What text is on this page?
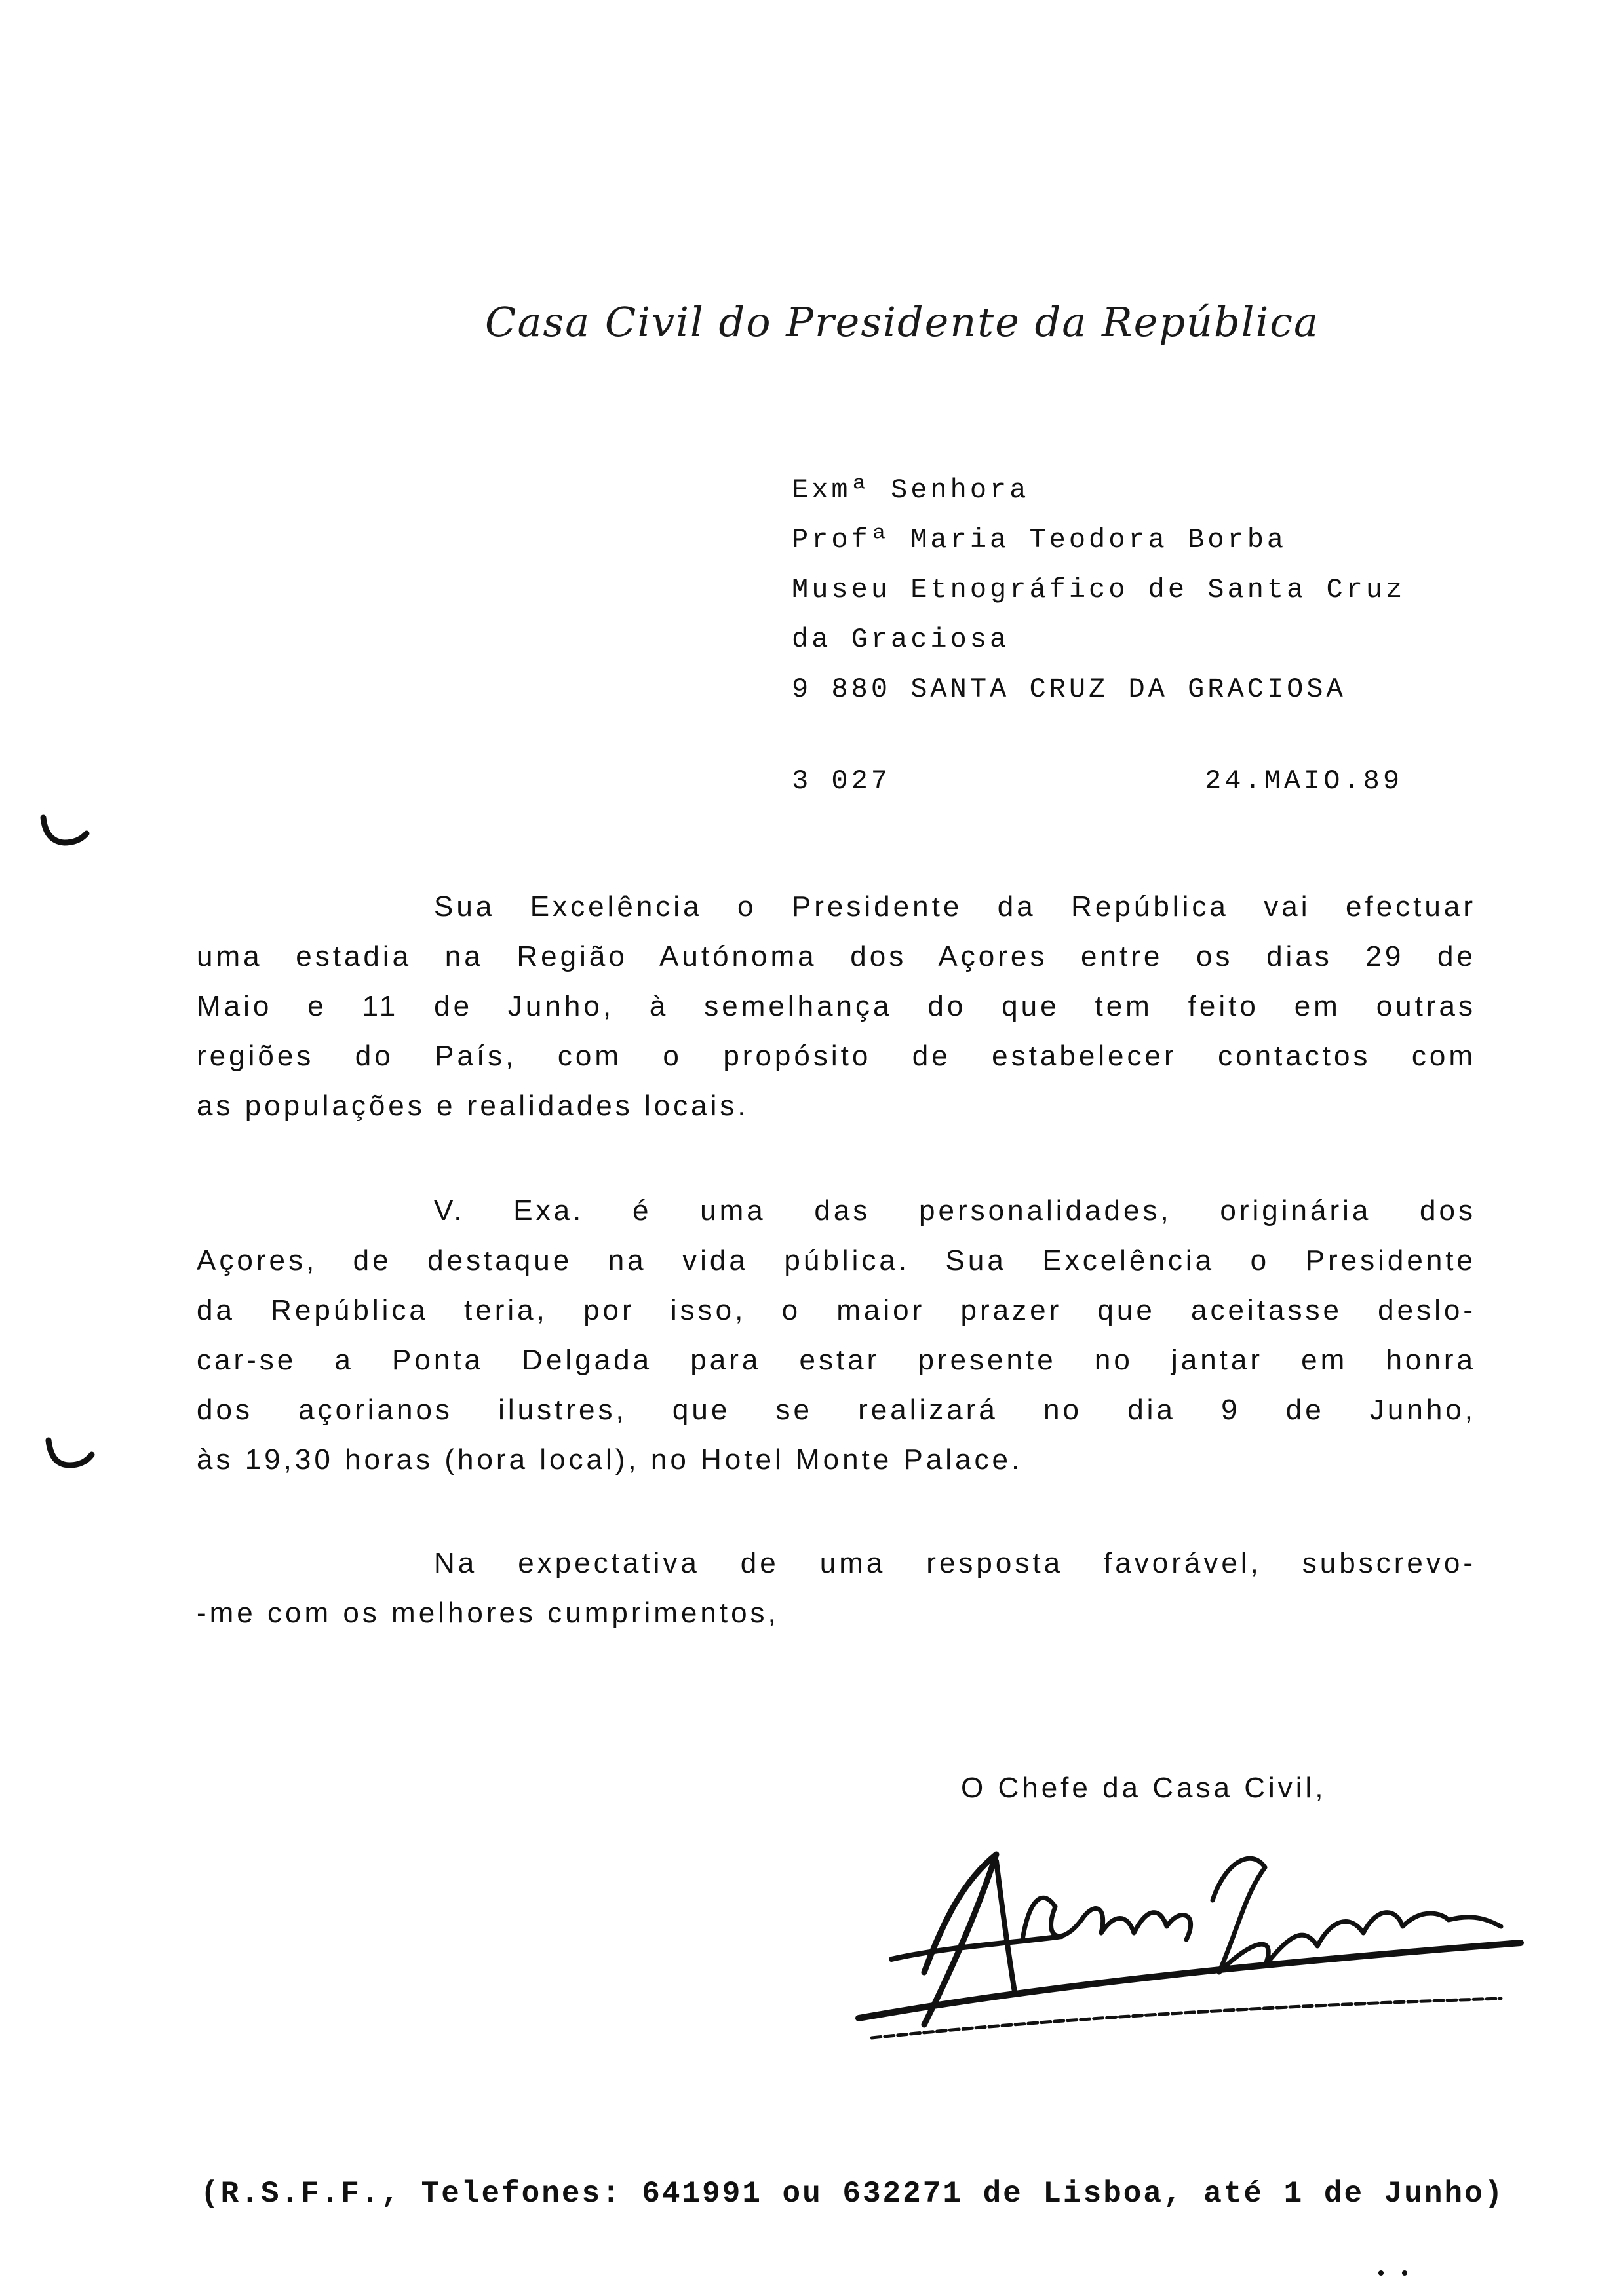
Casa Civil do Presidente da República
Exmª Senhora
Profª Maria Teodora Borba
Museu Etnográfico de Santa Cruz
da Graciosa
9 880 SANTA CRUZ DA GRACIOSA
3 027	24.MAIO.89
Sua Excelência o Presidente da República vai efectuar
uma estadia na Região Autónoma dos Açores entre os dias 29 de
Maio e 11 de Junho, à semelhança do que tem feito em outras
regiões do País, com o propósito de estabelecer contactos com
as populações e realidades locais.
V. Exa. é uma das personalidades, originária dos
Açores, de destaque na vida pública. Sua Excelência o Presidente
da República teria, por isso, o maior prazer que aceitasse deslo-
car-se a Ponta Delgada para estar presente no jantar em honra
dos açorianos ilustres, que se realizará no dia 9 de Junho,
às 19,30 horas (hora local), no Hotel Monte Palace.
Na expectativa de uma resposta favorável, subscrevo-
-me com os melhores cumprimentos,
O Chefe da Casa Civil,
(R.S.F.F., Telefones: 641991 ou 632271 de Lisboa, até 1 de Junho)
• •
